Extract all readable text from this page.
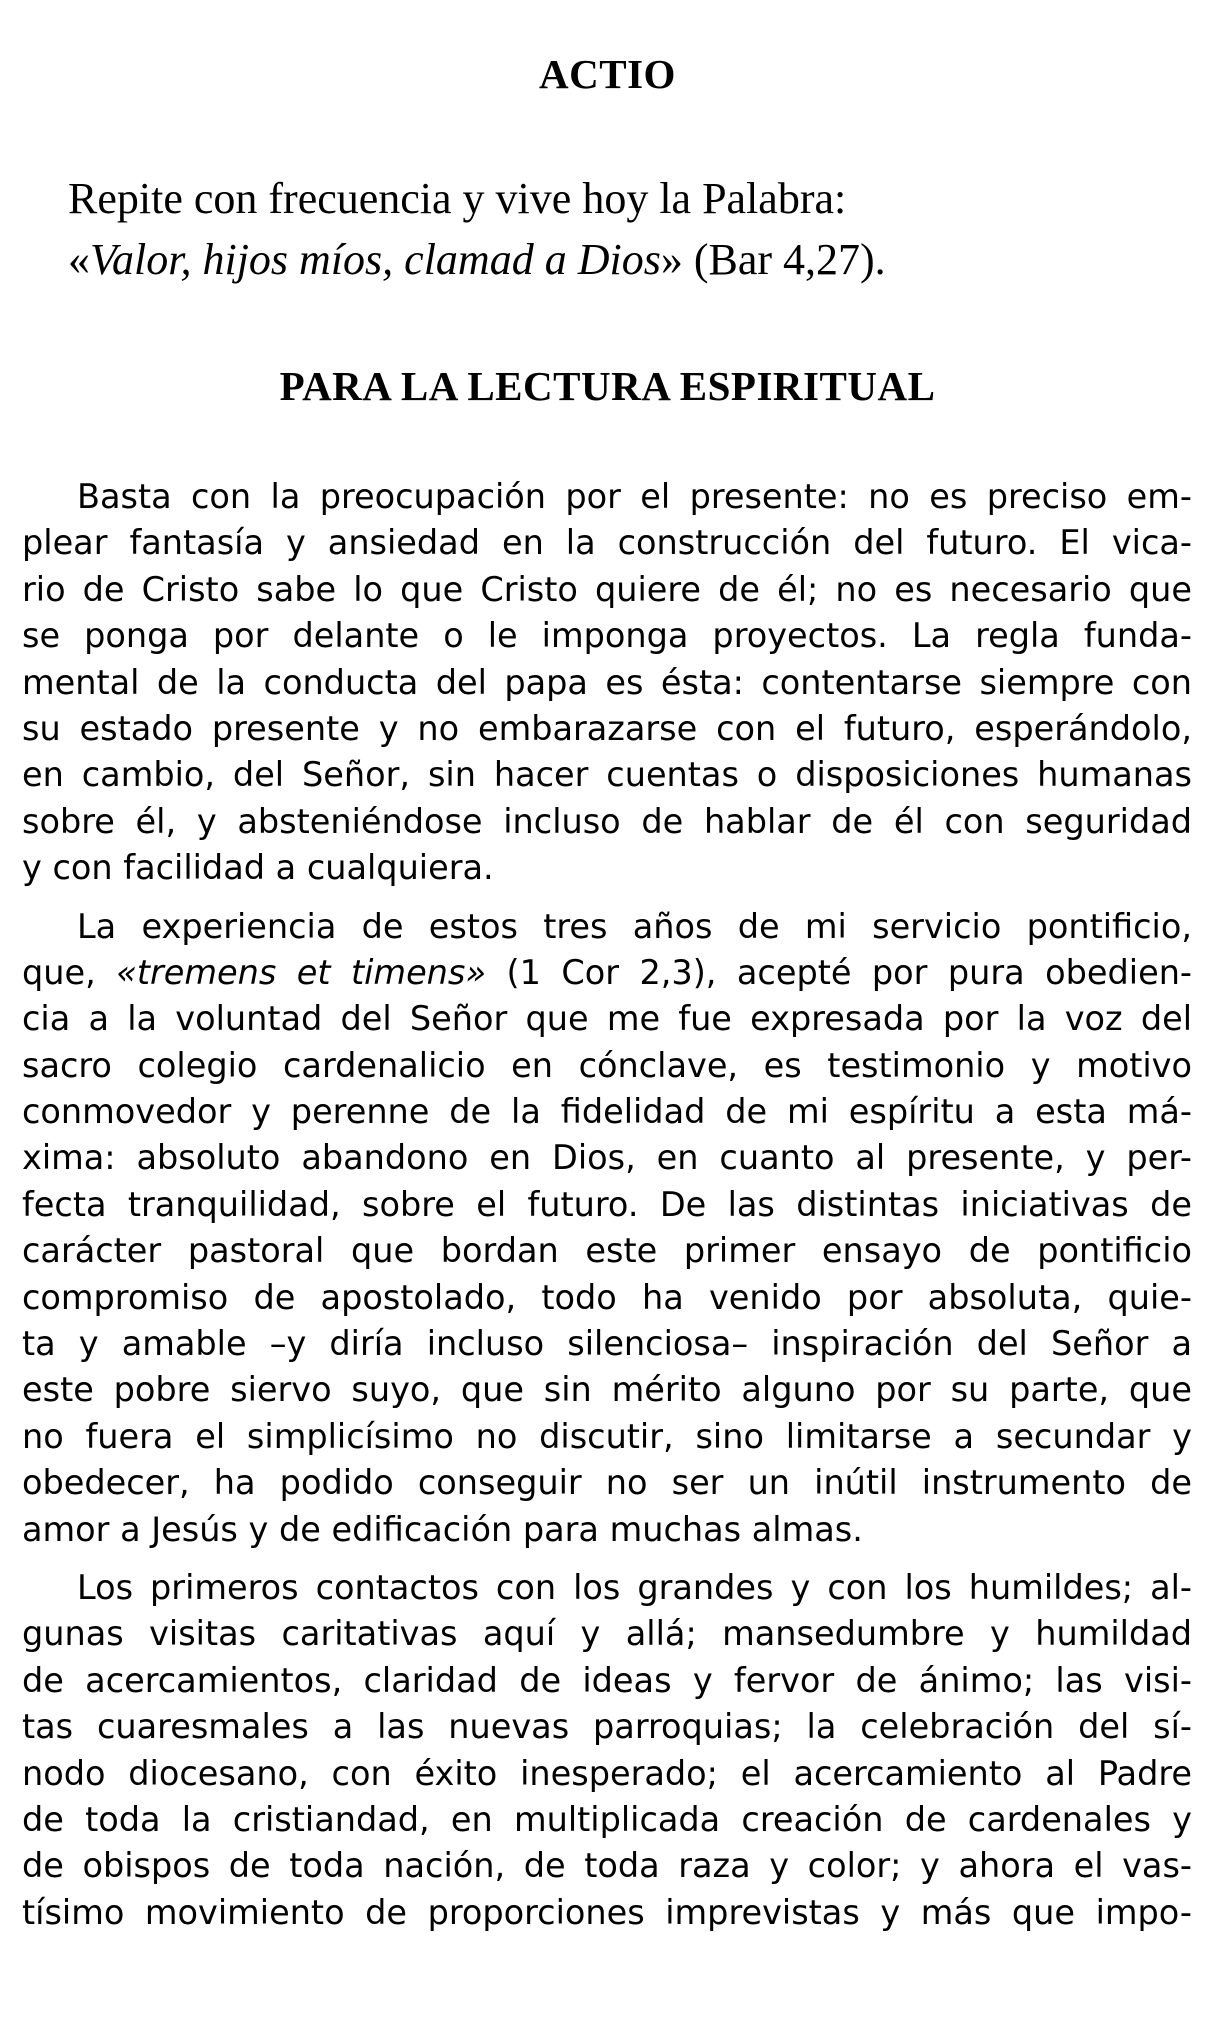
ACTIO

Repite con frecuencia y vive hoy la Palabra:
«Valor, hijos míos, clamad a Dios» (Bar 4,27).

PARA LA LECTURA ESPIRITUAL
Basta con la preocupación por el presente: no es preciso em-
plear fantasía y ansiedad en la construcción del futuro. El vica-
rio de Cristo sabe lo que Cristo quiere de él; no es necesario que
se ponga por delante o le imponga proyectos. La regla funda-
mental de la conducta del papa es ésta: contentarse siempre con
su estado presente y no embarazarse con el futuro, esperándolo,
en cambio, del Señor, sin hacer cuentas o disposiciones humanas
sobre él, y absteniéndose incluso de hablar de él con seguridad
y con facilidad a cualquiera.
La experiencia de estos tres años de mi servicio pontificio,
que, «tremens et timens» (1 Cor 2,3), acepté por pura obedien-
cia a la voluntad del Señor que me fue expresada por la voz del
sacro colegio cardenalicio en cónclave, es testimonio y motivo
conmovedor y perenne de la fidelidad de mi espíritu a esta má-
xima: absoluto abandono en Dios, en cuanto al presente, y per-
fecta tranquilidad, sobre el futuro. De las distintas iniciativas de
carácter pastoral que bordan este primer ensayo de pontificio
compromiso de apostolado, todo ha venido por absoluta, quie-
ta y amable –y diría incluso silenciosa– inspiración del Señor a
este pobre siervo suyo, que sin mérito alguno por su parte, que
no fuera el simplicísimo no discutir, sino limitarse a secundar y
obedecer, ha podido conseguir no ser un inútil instrumento de
amor a Jesús y de edificación para muchas almas.
Los primeros contactos con los grandes y con los humildes; al-
gunas visitas caritativas aquí y allá; mansedumbre y humildad
de acercamientos, claridad de ideas y fervor de ánimo; las visi-
tas cuaresmales a las nuevas parroquias; la celebración del sí-
nodo diocesano, con éxito inesperado; el acercamiento al Padre
de toda la cristiandad, en multiplicada creación de cardenales y
de obispos de toda nación, de toda raza y color; y ahora el vas-
tísimo movimiento de proporciones imprevistas y más que impo-
